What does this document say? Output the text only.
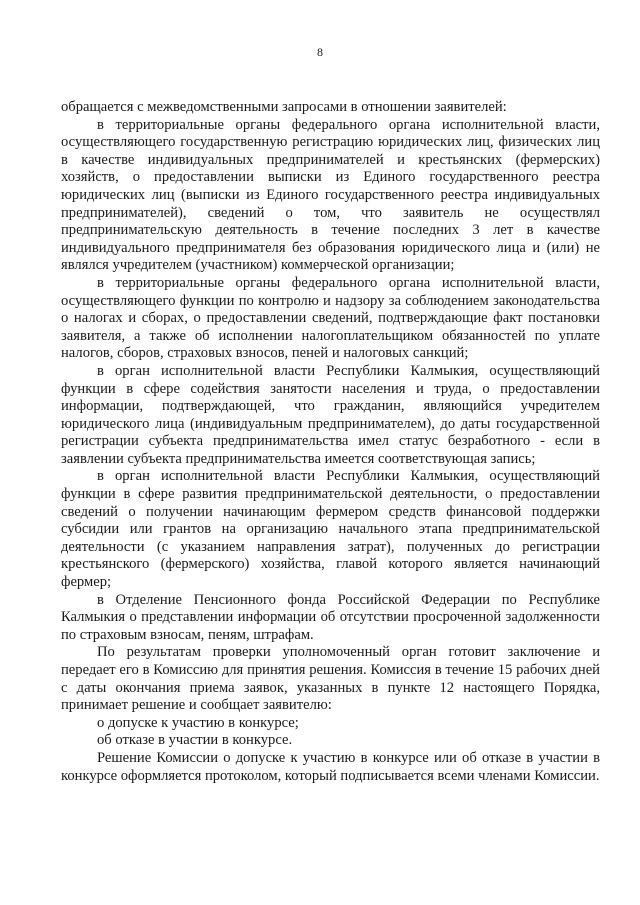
8

обращается с межведомственными запросами в отношении заявителей:

в территориальные органы федерального органа исполнительной власти, осуществляющего государственную регистрацию юридических лиц, физических лиц в качестве индивидуальных предпринимателей и крестьянских (фермерских) хозяйств, о предоставлении выписки из Единого государственного реестра юридических лиц (выписки из Единого государственного реестра индивидуальных предпринимателей), сведений о том, что заявитель не осуществлял предпринимательскую деятельность в течение последних 3 лет в качестве индивидуального предпринимателя без образования юридического лица и (или) не являлся учредителем (участником) коммерческой организации;

в территориальные органы федерального органа исполнительной власти, осуществляющего функции по контролю и надзору за соблюдением законодательства о налогах и сборах, о предоставлении сведений, подтверждающие факт постановки заявителя, а также об исполнении налогоплательщиком обязанностей по уплате налогов, сборов, страховых взносов, пеней и налоговых санкций;

в орган исполнительной власти Республики Калмыкия, осуществляющий функции в сфере содействия занятости населения и труда, о предоставлении информации, подтверждающей, что гражданин, являющийся учредителем юридического лица (индивидуальным предпринимателем), до даты государственной регистрации субъекта предпринимательства имел статус безработного - если в заявлении субъекта предпринимательства имеется соответствующая запись;

в орган исполнительной власти Республики Калмыкия, осуществляющий функции в сфере развития предпринимательской деятельности, о предоставлении сведений о получении начинающим фермером средств финансовой поддержки субсидии или грантов на организацию начального этапа предпринимательской деятельности (с указанием направления затрат), полученных до регистрации крестьянского (фермерского) хозяйства, главой которого является начинающий фермер;

в Отделение Пенсионного фонда Российской Федерации по Республике Калмыкия о представлении информации об отсутствии просроченной задолженности по страховым взносам, пеням, штрафам.

По результатам проверки уполномоченный орган готовит заключение и передает его в Комиссию для принятия решения. Комиссия в течение 15 рабочих дней с даты окончания приема заявок, указанных в пункте 12 настоящего Порядка, принимает решение и сообщает заявителю:

о допуске к участию в конкурсе;

об отказе в участии в конкурсе.

Решение Комиссии о допуске к участию в конкурсе или об отказе в участии в конкурсе оформляется протоколом, который подписывается всеми членами Комиссии.
